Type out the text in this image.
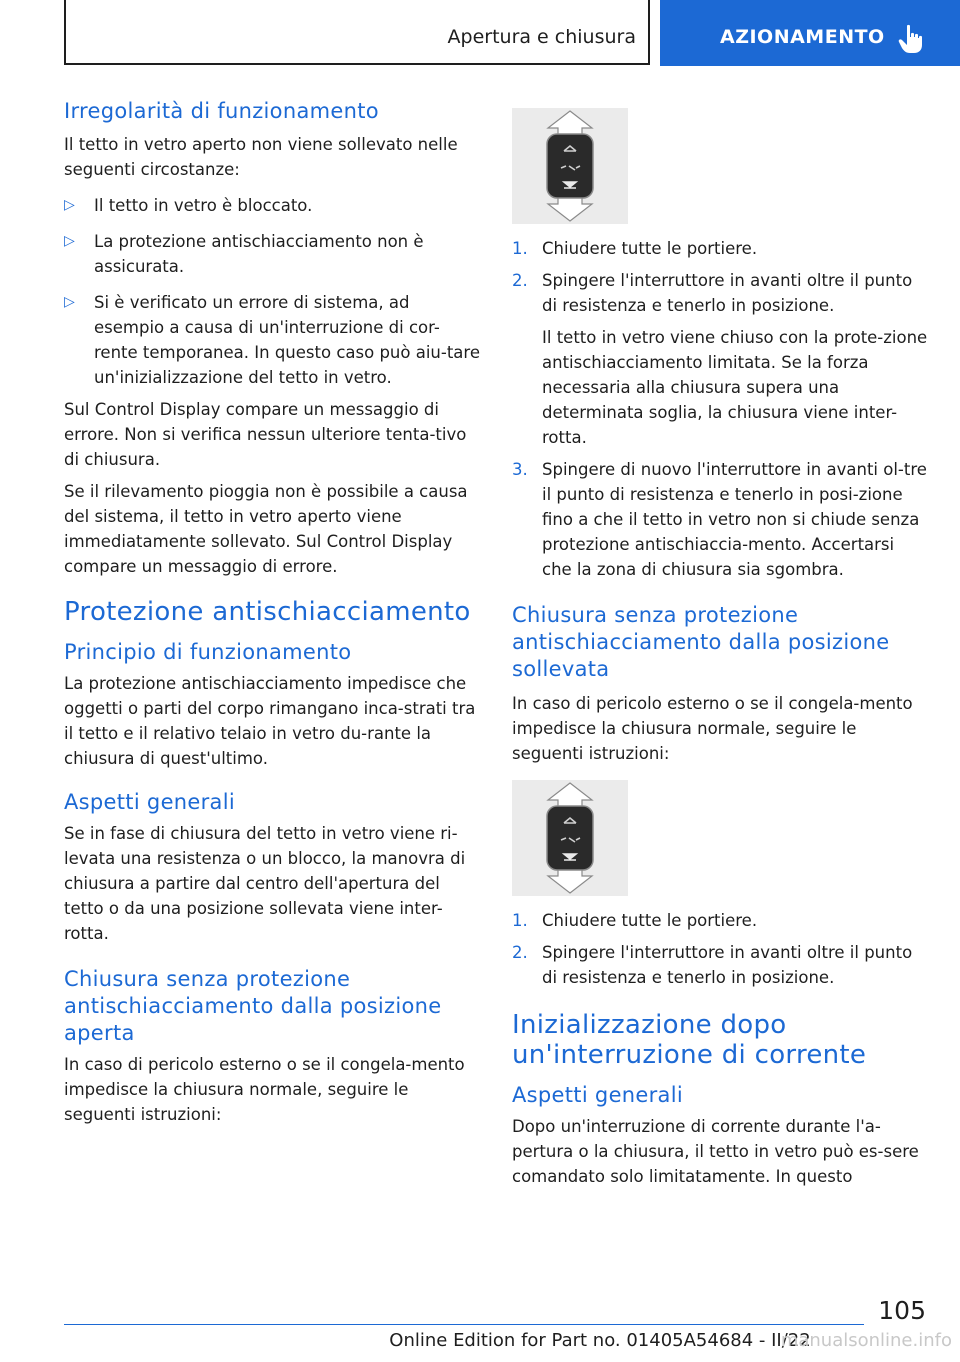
Apertura e chiusura	AZIONAMENTO
Irregolarità di funzionamento

Il tetto in vetro aperto non viene sollevato nelle seguenti circostanze:

▷ Il tetto in vetro è bloccato.
▷ La protezione antischiacciamento non è assicurata.
▷ Si è verificato un errore di sistema, ad esempio a causa di un'interruzione di cor-rente temporanea. In questo caso può aiu-tare un'inizializzazione del tetto in vetro.

Sul Control Display compare un messaggio di errore. Non si verifica nessun ulteriore tenta-tivo di chiusura.

Se il rilevamento pioggia non è possibile a causa del sistema, il tetto in vetro aperto viene immediatamente sollevato. Sul Control Display compare un messaggio di errore.

Protezione antischiacciamento
Principio di funzionamento

La protezione antischiacciamento impedisce che oggetti o parti del corpo rimangano inca-strati tra il tetto e il relativo telaio in vetro du-rante la chiusura di quest'ultimo.

Aspetti generali

Se in fase di chiusura del tetto in vetro viene ri-levata una resistenza o un blocco, la manovra di chiusura a partire dal centro dell'apertura del tetto o da una posizione sollevata viene inter-rotta.

Chiusura senza protezione antischiacciamento dalla posizione aperta

In caso di pericolo esterno o se il congela-mento impedisce la chiusura normale, seguire le seguenti istruzioni:

1. Chiudere tutte le portiere.
2. Spingere l'interruttore in avanti oltre il punto di resistenza e tenerlo in posizione.

Il tetto in vetro viene chiuso con la prote-zione antischiacciamento limitata. Se la forza necessaria alla chiusura supera una determinata soglia, la chiusura viene inter-rotta.

3. Spingere di nuovo l'interruttore in avanti ol-tre il punto di resistenza e tenerlo in posi-zione fino a che il tetto in vetro non si chiude senza protezione antischiaccia-mento. Accertarsi che la zona di chiusura sia sgombra.
Chiusura senza protezione antischiacciamento dalla posizione sollevata

In caso di pericolo esterno o se il congela-mento impedisce la chiusura normale, seguire le seguenti istruzioni:

1. Chiudere tutte le portiere.
2. Spingere l'interruttore in avanti oltre il punto di resistenza e tenerlo in posizione.
Inizializzazione dopo un'interruzione di corrente
Aspetti generali

Dopo un'interruzione di corrente durante l'a-pertura o la chiusura, il tetto in vetro può es-sere comandato solo limitatamente. In questo

105
Online Edition for Part no. 01405A54684 - II/22
manualsonline.info
